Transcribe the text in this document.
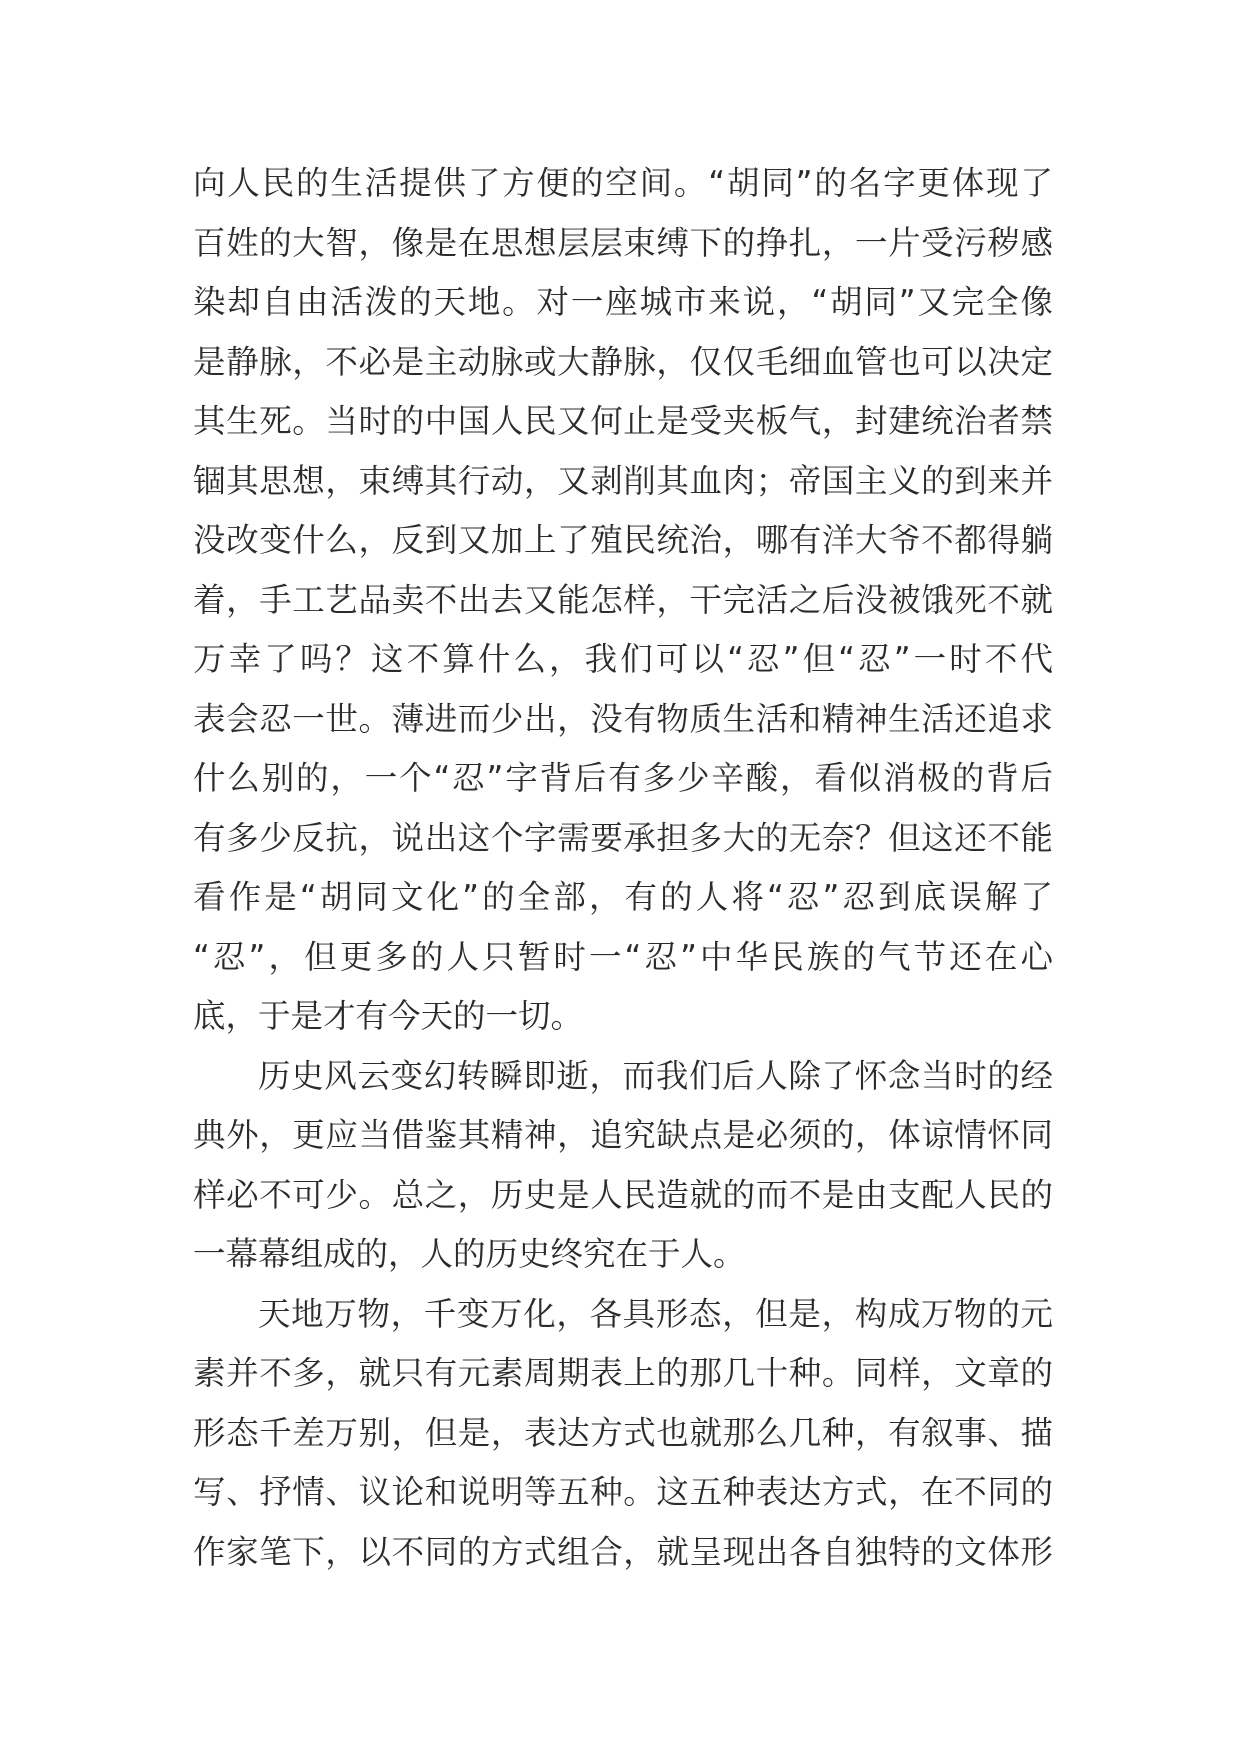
向人民的生活提供了方便的空间。“胡同”的名字更体现了
百姓的大智，像是在思想层层束缚下的挣扎，一片受污秽感
染却自由活泼的天地。对一座城市来说，“胡同”又完全像
是静脉，不必是主动脉或大静脉，仅仅毛细血管也可以决定
其生死。当时的中国人民又何止是受夹板气，封建统治者禁
锢其思想，束缚其行动，又剥削其血肉；帝国主义的到来并
没改变什么，反到又加上了殖民统治，哪有洋大爷不都得躺
着，手工艺品卖不出去又能怎样，干完活之后没被饿死不就
万幸了吗？这不算什么，我们可以“忍”但“忍”一时不代
表会忍一世。薄进而少出，没有物质生活和精神生活还追求
什么别的，一个“忍”字背后有多少辛酸，看似消极的背后
有多少反抗，说出这个字需要承担多大的无奈？但这还不能
看作是“胡同文化”的全部，有的人将“忍”忍到底误解了
“忍”，但更多的人只暂时一“忍”中华民族的气节还在心
底，于是才有今天的一切。
历史风云变幻转瞬即逝，而我们后人除了怀念当时的经
典外，更应当借鉴其精神，追究缺点是必须的，体谅情怀同
样必不可少。总之，历史是人民造就的而不是由支配人民的
一幕幕组成的，人的历史终究在于人。
天地万物，千变万化，各具形态，但是，构成万物的元
素并不多，就只有元素周期表上的那几十种。同样，文章的
形态千差万别，但是，表达方式也就那么几种，有叙事、描
写、抒情、议论和说明等五种。这五种表达方式，在不同的
作家笔下，以不同的方式组合，就呈现出各自独特的文体形
